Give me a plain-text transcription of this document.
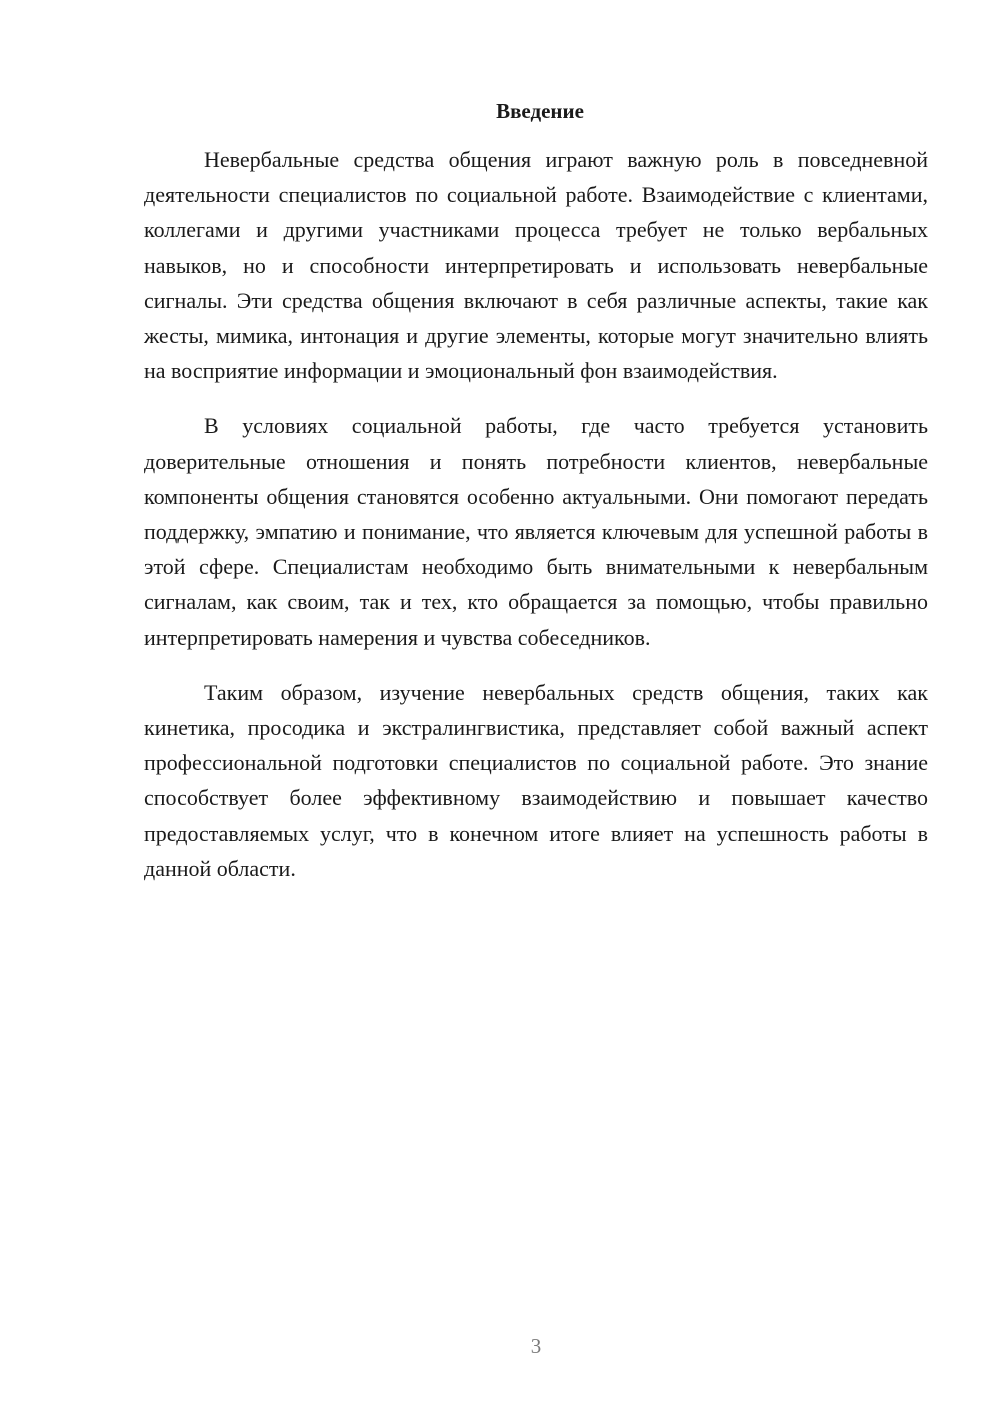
Введение

Невербальные средства общения играют важную роль в повседневной деятельности специалистов по социальной работе. Взаимодействие с клиентами, коллегами и другими участниками процесса требует не только вербальных навыков, но и способности интерпретировать и использовать невербальные сигналы. Эти средства общения включают в себя различные аспекты, такие как жесты, мимика, интонация и другие элементы, которые могут значительно влиять на восприятие информации и эмоциональный фон взаимодействия.

В условиях социальной работы, где часто требуется установить доверительные отношения и понять потребности клиентов, невербальные компоненты общения становятся особенно актуальными. Они помогают передать поддержку, эмпатию и понимание, что является ключевым для успешной работы в этой сфере. Специалистам необходимо быть внимательными к невербальным сигналам, как своим, так и тех, кто обращается за помощью, чтобы правильно интерпретировать намерения и чувства собеседников.

Таким образом, изучение невербальных средств общения, таких как кинетика, просодика и экстралингвистика, представляет собой важный аспект профессиональной подготовки специалистов по социальной работе. Это знание способствует более эффективному взаимодействию и повышает качество предоставляемых услуг, что в конечном итоге влияет на успешность работы в данной области.

3
